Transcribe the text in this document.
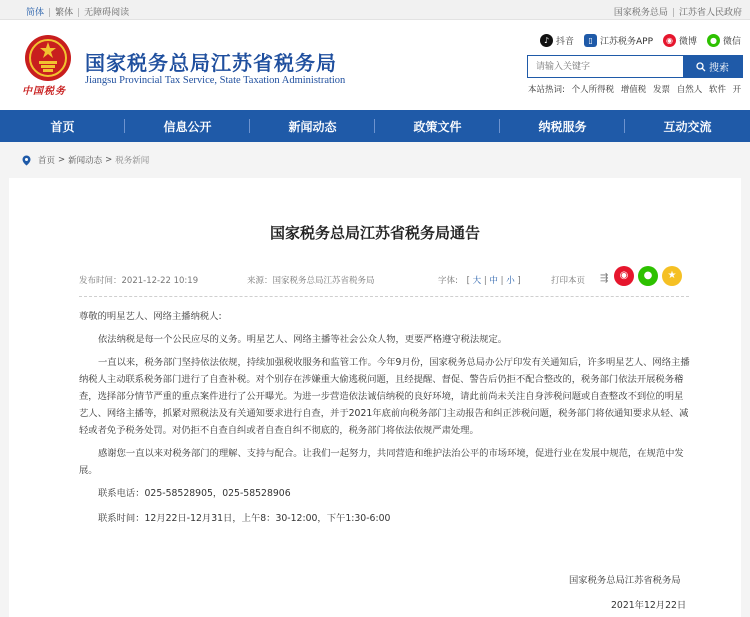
简体 | 繁体 | 无障碍阅读	国家税务总局 | 江苏省人民政府
中国税务
国家税务总局江苏省税务局
Jiangsu Provincial Tax Service, State Taxation Administration
♪ 抖音	▯ 江苏税务APP	◉ 微博	● 微信
请输入关键字
搜索
本站热词: 个人所得税 增值税 发票 自然人 软件 开
首页	信息公开	新闻动态	政策文件	纳税服务	互动交流
首页 > 新闻动态 > 税务新闻
国家税务总局江苏省税务局通告
发布时间：2021-12-22 10:19	来源：国家税务总局江苏省税务局	字体: [ 大 | 中 | 小 ]	打印本页 ⇶	◉	●	★

尊敬的明星艺人、网络主播纳税人:

依法纳税是每一个公民应尽的义务。明星艺人、网络主播等社会公众人物，更要严格遵守税法规定。

一直以来，税务部门坚持依法依规，持续加强税收服务和监管工作。今年9月份，国家税务总局办公厅印发有关通知后，许多明星艺人、网络主播纳税人主动联系税务部门进行了自查补税。对个别存在涉嫌重大偷逃税问题，且经提醒、督促、警告后仍拒不配合整改的，税务部门依法开展税务稽查，选择部分情节严重的重点案件进行了公开曝光。为进一步营造依法诚信纳税的良好环境，请此前尚未关注自身涉税问题或自查整改不到位的明星艺人、网络主播等，抓紧对照税法及有关通知要求进行自查，并于2021年底前向税务部门主动报告和纠正涉税问题，税务部门将依通知要求从轻、减轻或者免予税务处罚。对仍拒不自查自纠或者自查自纠不彻底的，税务部门将依法依规严肃处理。

感谢您一直以来对税务部门的理解、支持与配合。让我们一起努力，共同营造和维护法治公平的市场环境，促进行业在发展中规范，在规范中发展。

联系电话：025-58528905，025-58528906

联系时间：12月22日-12月31日，上午8：30-12:00，下午1:30-6:00

国家税务总局江苏省税务局
2021年12月22日
